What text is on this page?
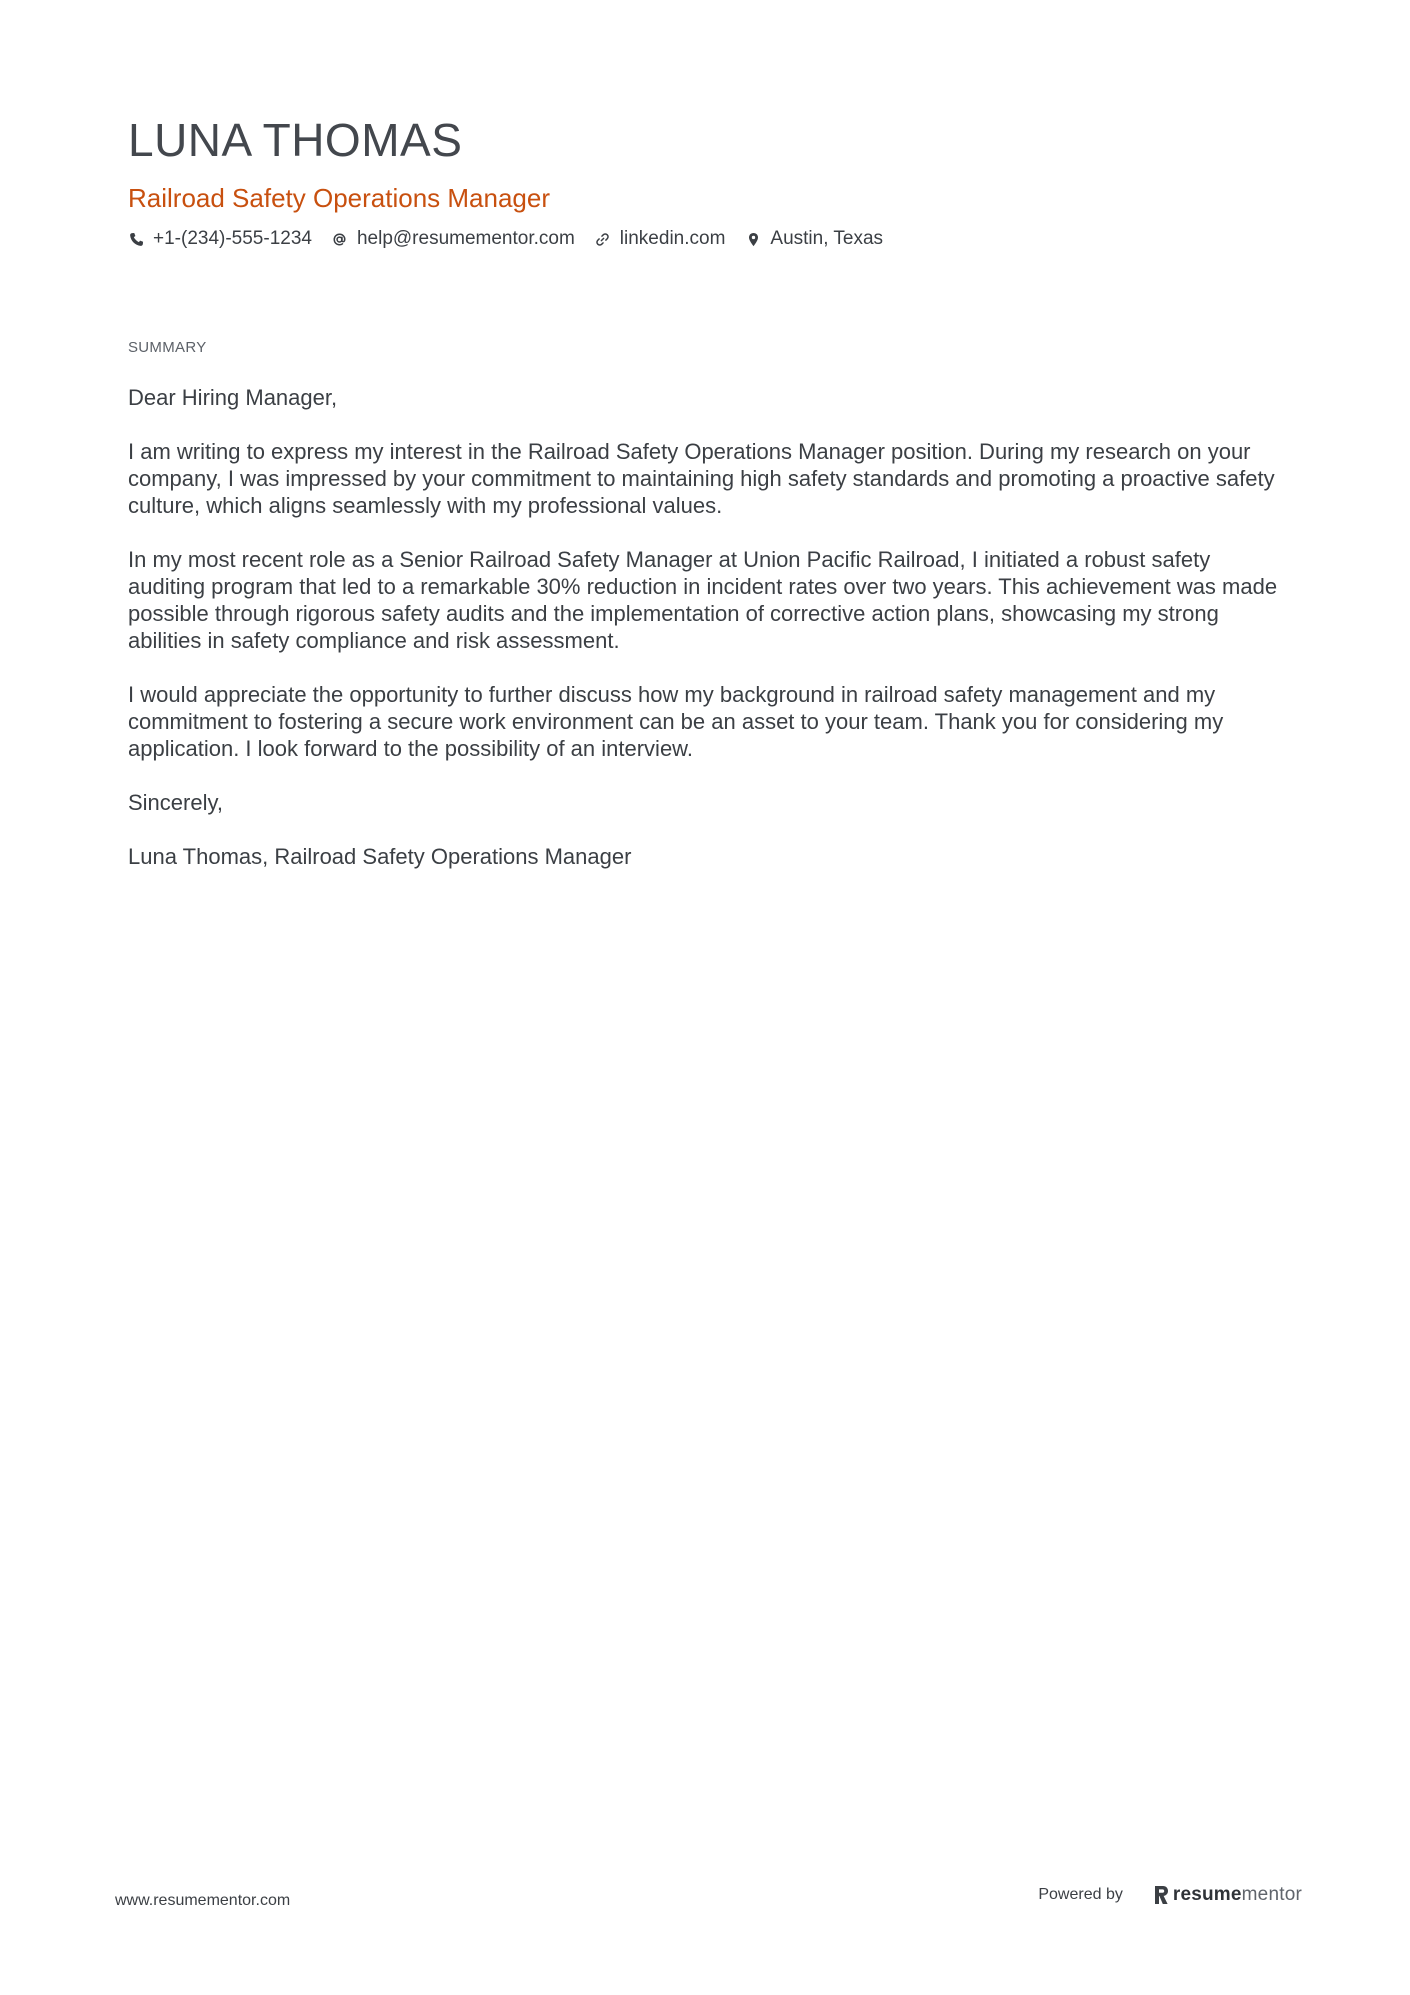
LUNA THOMAS
Railroad Safety Operations Manager
+1-(234)-555-1234 help@resumementor.com linkedin.com Austin, Texas
SUMMARY

Dear Hiring Manager,

I am writing to express my interest in the Railroad Safety Operations Manager position. During my research on your company, I was impressed by your commitment to maintaining high safety standards and promoting a proactive safety culture, which aligns seamlessly with my professional values.

In my most recent role as a Senior Railroad Safety Manager at Union Pacific Railroad, I initiated a robust safety auditing program that led to a remarkable 30% reduction in incident rates over two years. This achievement was made possible through rigorous safety audits and the implementation of corrective action plans, showcasing my strong abilities in safety compliance and risk assessment.

I would appreciate the opportunity to further discuss how my background in railroad safety management and my commitment to fostering a secure work environment can be an asset to your team. Thank you for considering my application. I look forward to the possibility of an interview.

Sincerely,

Luna Thomas, Railroad Safety Operations Manager

www.resumementor.com	Powered by	resume mentor
